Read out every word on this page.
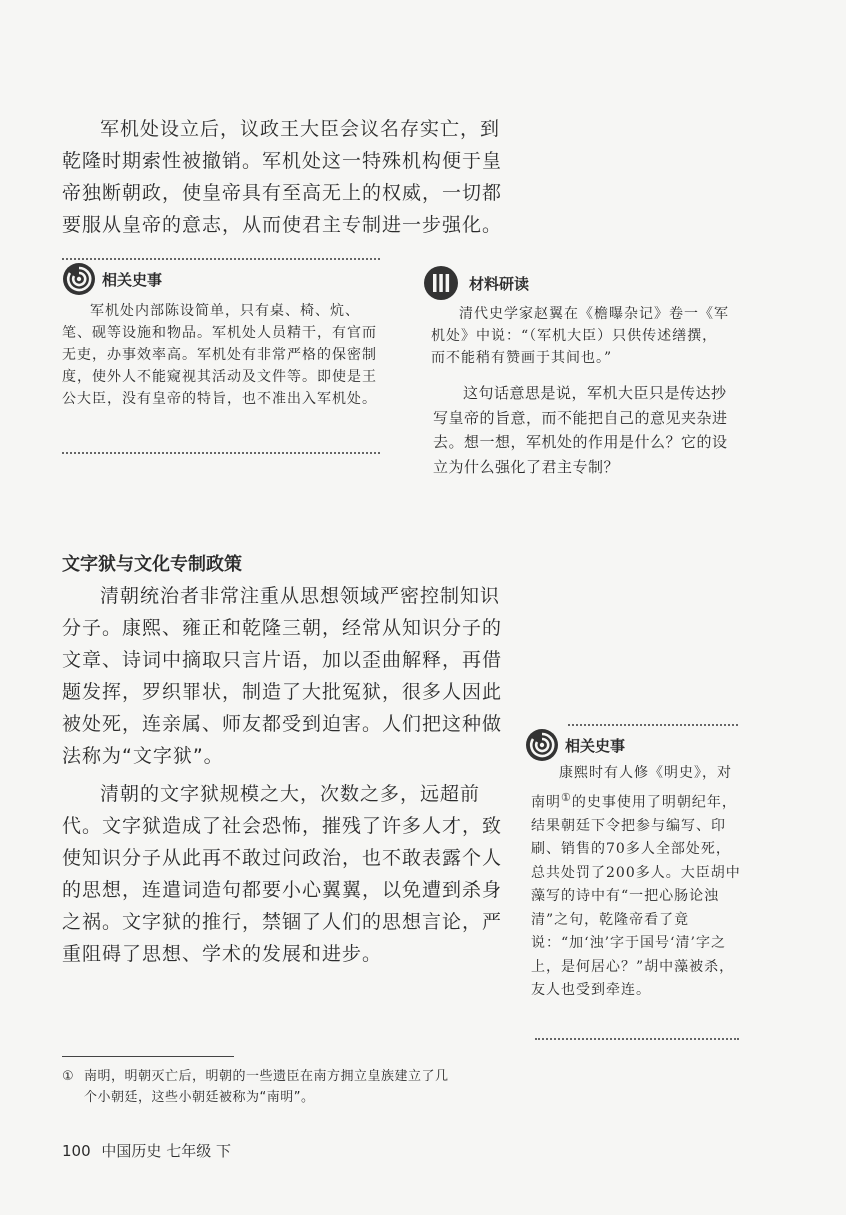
军机处设立后，议政王大臣会议名存实亡，到乾隆时期索性被撤销。军机处这一特殊机构便于皇帝独断朝政，使皇帝具有至高无上的权威，一切都要服从皇帝的意志，从而使君主专制进一步强化。

相关史事

军机处内部陈设简单，只有桌、椅、炕、笔、砚等设施和物品。军机处人员精干，有官而无吏，办事效率高。军机处有非常严格的保密制度，使外人不能窥视其活动及文件等。即使是王公大臣，没有皇帝的特旨，也不准出入军机处。

材料研读

清代史学家赵翼在《檐曝杂记》卷一《军机处》中说：“（军机大臣）只供传述缮撰，而不能稍有赞画于其间也。”

这句话意思是说，军机大臣只是传达抄写皇帝的旨意，而不能把自己的意见夹杂进去。想一想，军机处的作用是什么？它的设立为什么强化了君主专制？

文字狱与文化专制政策

清朝统治者非常注重从思想领域严密控制知识分子。康熙、雍正和乾隆三朝，经常从知识分子的文章、诗词中摘取只言片语，加以歪曲解释，再借题发挥，罗织罪状，制造了大批冤狱，很多人因此被处死，连亲属、师友都受到迫害。人们把这种做法称为“文字狱”。

清朝的文字狱规模之大，次数之多，远超前代。文字狱造成了社会恐怖，摧残了许多人才，致使知识分子从此再不敢过问政治，也不敢表露个人的思想，连遣词造句都要小心翼翼，以免遭到杀身之祸。文字狱的推行，禁锢了人们的思想言论，严重阻碍了思想、学术的发展和进步。

相关史事

康熙时有人修《明史》，对南明①的史事使用了明朝纪年，结果朝廷下令把参与编写、印刷、销售的70多人全部处死，总共处罚了200多人。大臣胡中藻写的诗中有“一把心肠论浊清”之句，乾隆帝看了竟说：“加‘浊’字于国号‘清’字之上，是何居心？”胡中藻被杀，友人也受到牵连。

① 南明，明朝灭亡后，明朝的一些遗臣在南方拥立皇族建立了几个小朝廷，这些小朝廷被称为“南明”。
100 中国历史 七年级 下
